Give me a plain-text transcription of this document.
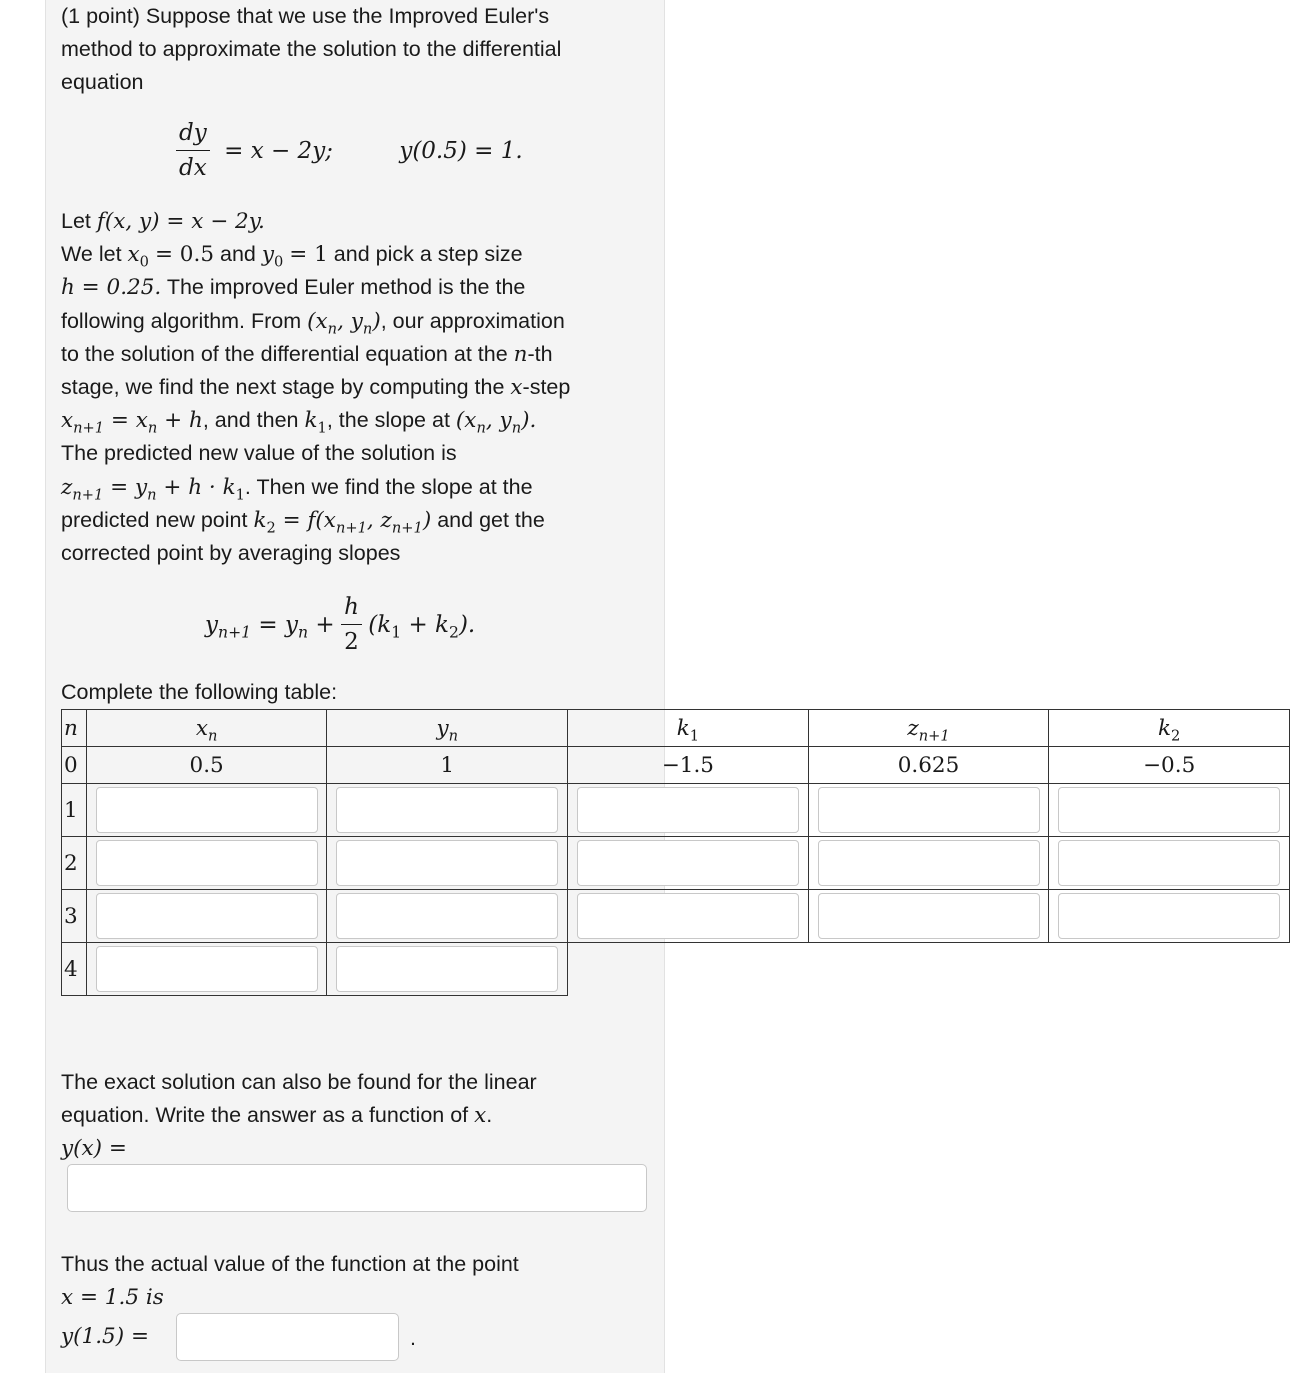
(1 point) Suppose that we use the Improved Euler's

method to approximate the solution to the differential

equation

$\frac{dy}{dx} = x - 2y$;	y(0.5) = 1.

Let f(x, y) = x − 2y.

We let $x_0 = 0.5$ and $y_0 = 1$ and pick a step size

h = 0.25. The improved Euler method is the the

following algorithm. From ($x_n$, $y_n$), our approximation

to the solution of the differential equation at the n-th

stage, we find the next stage by computing the x-step

$x_{n+1} = x_n + h$, and then $k_1$, the slope at ($x_n$, $y_n$).

The predicted new value of the solution is

$z_{n+1} = y_n + h \cdot k_1$. Then we find the slope at the

predicted new point $k_2 = f(x_{n+1}$, $z_{n+1}$) and get the

corrected point by averaging slopes

$y_{n+1} = y_n + \frac{h}{2} (k_1 + k_2)$.

Complete the following table:

n	$x_n$	$y_n$	$k_1$	$z_{n+1}$	$k_2$
0	0.5	1	−1.5	0.625	−0.5
1	

2	

3	

4	

The exact solution can also be found for the linear

equation. Write the answer as a function of x.

y(x) =

Thus the actual value of the function at the point

x = 1.5 is

y(1.5) =	.
